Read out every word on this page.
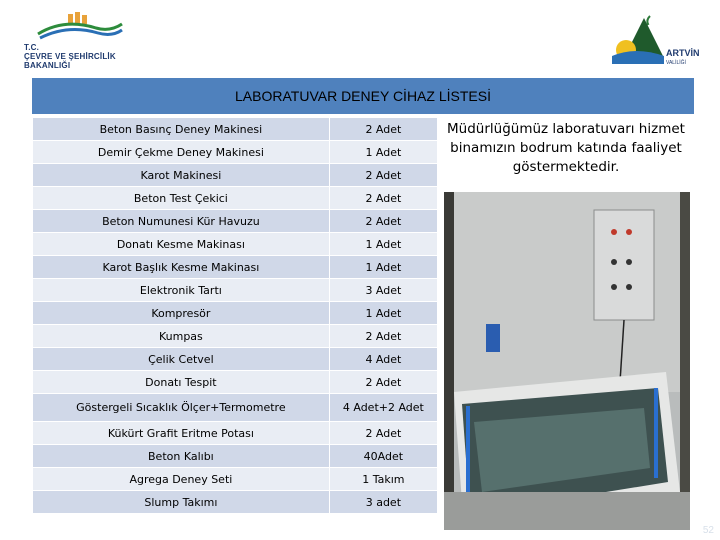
T.C.
ÇEVRE VE ŞEHİRCİLİK
BAKANLIĞI
ARTVİN
VALİLİĞİ
LABORATUVAR DENEY CİHAZ LİSTESİ
Beton Basınç Deney Makinesi	2 Adet
Demir Çekme Deney Makinesi	1 Adet
Karot Makinesi	2 Adet
Beton Test Çekici	2 Adet
Beton Numunesi Kür Havuzu	2 Adet
Donatı Kesme Makinası	1 Adet
Karot Başlık Kesme Makinası	1 Adet
Elektronik Tartı	3 Adet
Kompresör	1 Adet
Kumpas	2 Adet
Çelik Cetvel	4 Adet
Donatı Tespit	2 Adet
Göstergeli Sıcaklık Ölçer+Termometre	4 Adet+2 Adet
Kükürt Grafit Eritme Potası	2 Adet
Beton Kalıbı	40Adet
Agrega Deney Seti	1 Takım
Slump Takımı	3 adet
Müdürlüğümüz laboratuvarı hizmet binamızın bodrum katında faaliyet göstermektedir.
52
